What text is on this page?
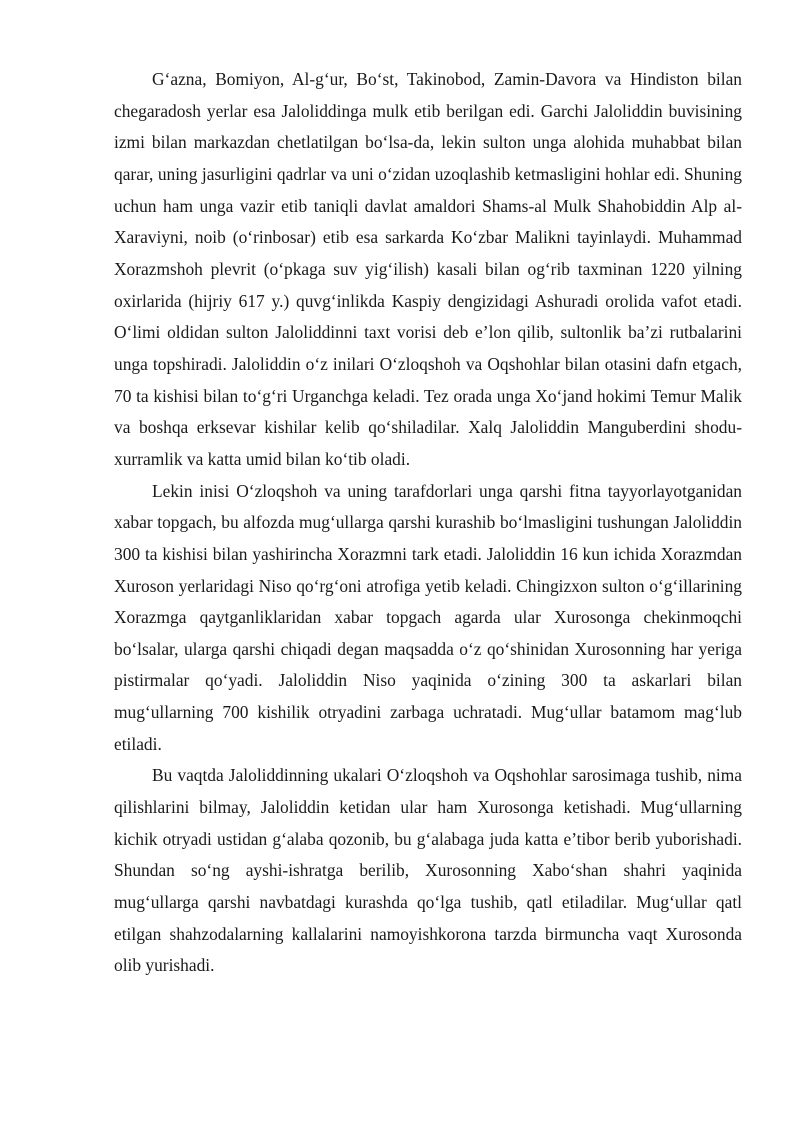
G‘azna, Bomiyon, Al-g‘ur, Bo‘st, Takinobod, Zamin-Davora va Hindiston bilan chegaradosh yerlar esa Jaloliddinga mulk etib berilgan edi. Garchi Jaloliddin buvisining izmi bilan markazdan chetlatilgan bo‘lsa-da, lekin sulton unga alohida muhabbat bilan qarar, uning jasurligini qadrlar va uni o‘zidan uzoqlashib ketmasligini hohlar edi. Shuning uchun ham unga vazir etib taniqli davlat amaldori Shams-al Mulk Shahobiddin Alp al-Xaraviyni, noib (o‘rinbosar) etib esa sarkarda Ko‘zbar Malikni tayinlaydi. Muhammad Xorazmshoh plevrit (o‘pkaga suv yig‘ilish) kasali bilan og‘rib taxminan 1220 yilning oxirlarida (hijriy 617 y.) quvg‘inlikda Kaspiy dengizidagi Ashuradi orolida vafot etadi. O‘limi oldidan sulton Jaloliddinni taxt vorisi deb e’lon qilib, sultonlik ba’zi rutbalarini unga topshiradi. Jaloliddin o‘z inilari O‘zloqshoh va Oqshohlar bilan otasini dafn etgach, 70 ta kishisi bilan to‘g‘ri Urganchga keladi. Tez orada unga Xo‘jand hokimi Temur Malik va boshqa erksevar kishilar kelib qo‘shiladilar. Xalq Jaloliddin Manguberdini shodu-xurramlik va katta umid bilan ko‘tib oladi.

Lekin inisi O‘zloqshoh va uning tarafdorlari unga qarshi fitna tayyorlayotganidan xabar topgach, bu alfozda mug‘ullarga qarshi kurashib bo‘lmasligini tushungan Jaloliddin 300 ta kishisi bilan yashirincha Xorazmni tark etadi. Jaloliddin 16 kun ichida Xorazmdan Xuroson yerlaridagi Niso qo‘rg‘oni atrofiga yetib keladi. Chingizxon sulton o‘g‘illarining Xorazmga qaytganliklaridan xabar topgach agarda ular Xurosonga chekinmoqchi bo‘lsalar, ularga qarshi chiqadi degan maqsadda o‘z qo‘shinidan Xurosonning har yeriga pistirmalar qo‘yadi. Jaloliddin Niso yaqinida o‘zining 300 ta askarlari bilan mug‘ullarning 700 kishilik otryadini zarbaga uchratadi. Mug‘ullar batamom mag‘lub etiladi.

Bu vaqtda Jaloliddinning ukalari O‘zloqshoh va Oqshohlar sarosimaga tushib, nima qilishlarini bilmay, Jaloliddin ketidan ular ham Xurosonga ketishadi. Mug‘ullarning kichik otryadi ustidan g‘alaba qozonib, bu g‘alabaga juda katta e’tibor berib yuborishadi. Shundan so‘ng ayshi-ishratga berilib, Xurosonning Xabo‘shan shahri yaqinida mug‘ullarga qarshi navbatdagi kurashda qo‘lga tushib, qatl etiladilar. Mug‘ullar qatl etilgan shahzodalarning kallalarini namoyishkorona tarzda birmuncha vaqt Xurosonda olib yurishadi.
